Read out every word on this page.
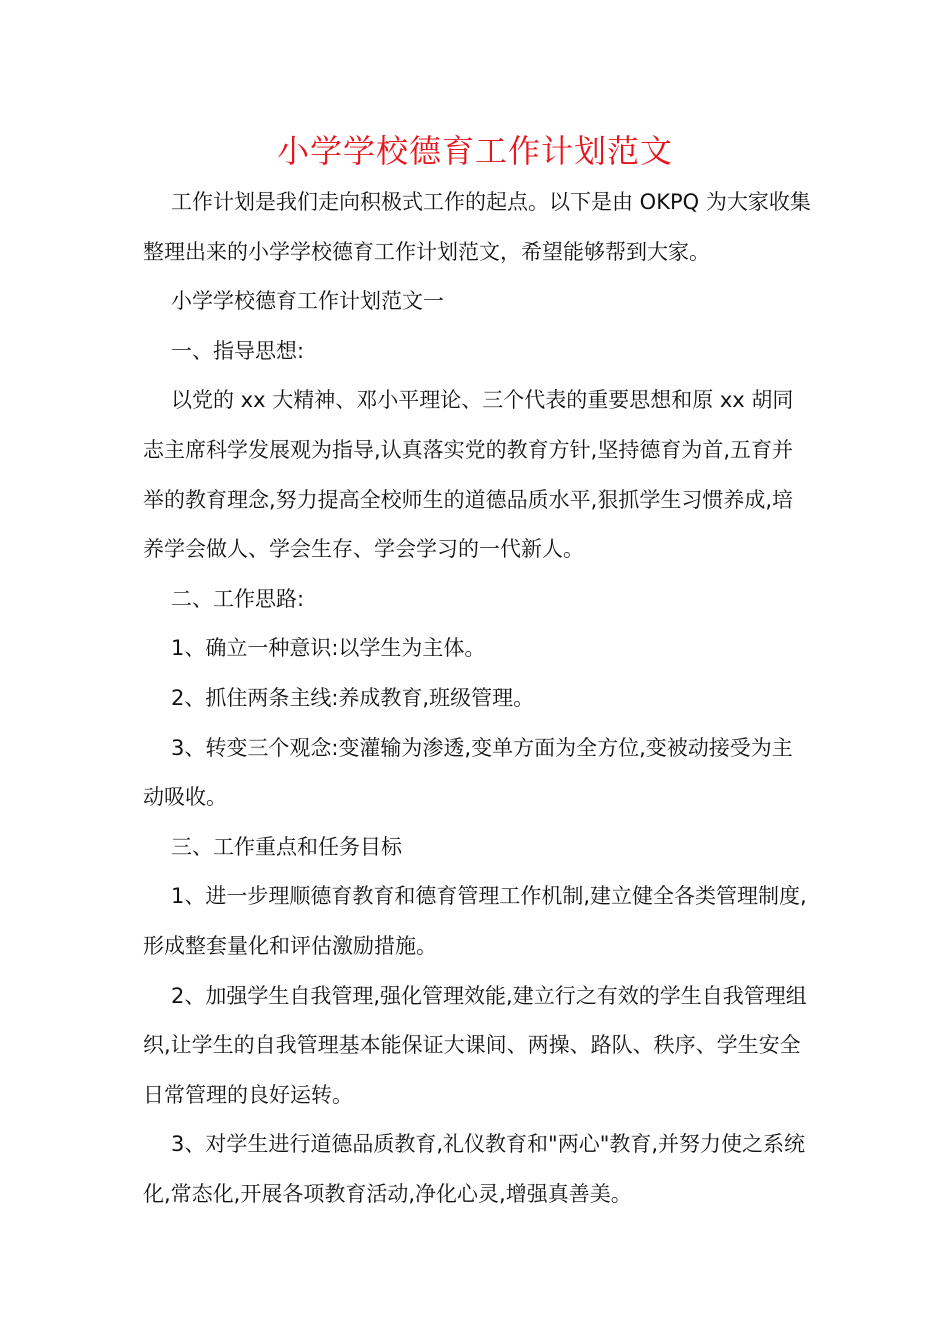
小学学校德育工作计划范文

工作计划是我们走向积极式工作的起点。以下是由 OKPQ 为大家收集整理出来的小学学校德育工作计划范文，希望能够帮到大家。

小学学校德育工作计划范文一

一、指导思想:

以党的 xx 大精神、邓小平理论、三个代表的重要思想和原 xx 胡同志主席科学发展观为指导,认真落实党的教育方针,坚持德育为首,五育并举的教育理念,努力提高全校师生的道德品质水平,狠抓学生习惯养成,培养学会做人、学会生存、学会学习的一代新人。

二、工作思路:

1、确立一种意识:以学生为主体。

2、抓住两条主线:养成教育,班级管理。

3、转变三个观念:变灌输为渗透,变单方面为全方位,变被动接受为主动吸收。

三、工作重点和任务目标

1、进一步理顺德育教育和德育管理工作机制,建立健全各类管理制度,形成整套量化和评估激励措施。

2、加强学生自我管理,强化管理效能,建立行之有效的学生自我管理组织,让学生的自我管理基本能保证大课间、两操、路队、秩序、学生安全日常管理的良好运转。

3、对学生进行道德品质教育,礼仪教育和"两心"教育,并努力使之系统化,常态化,开展各项教育活动,净化心灵,增强真善美。
